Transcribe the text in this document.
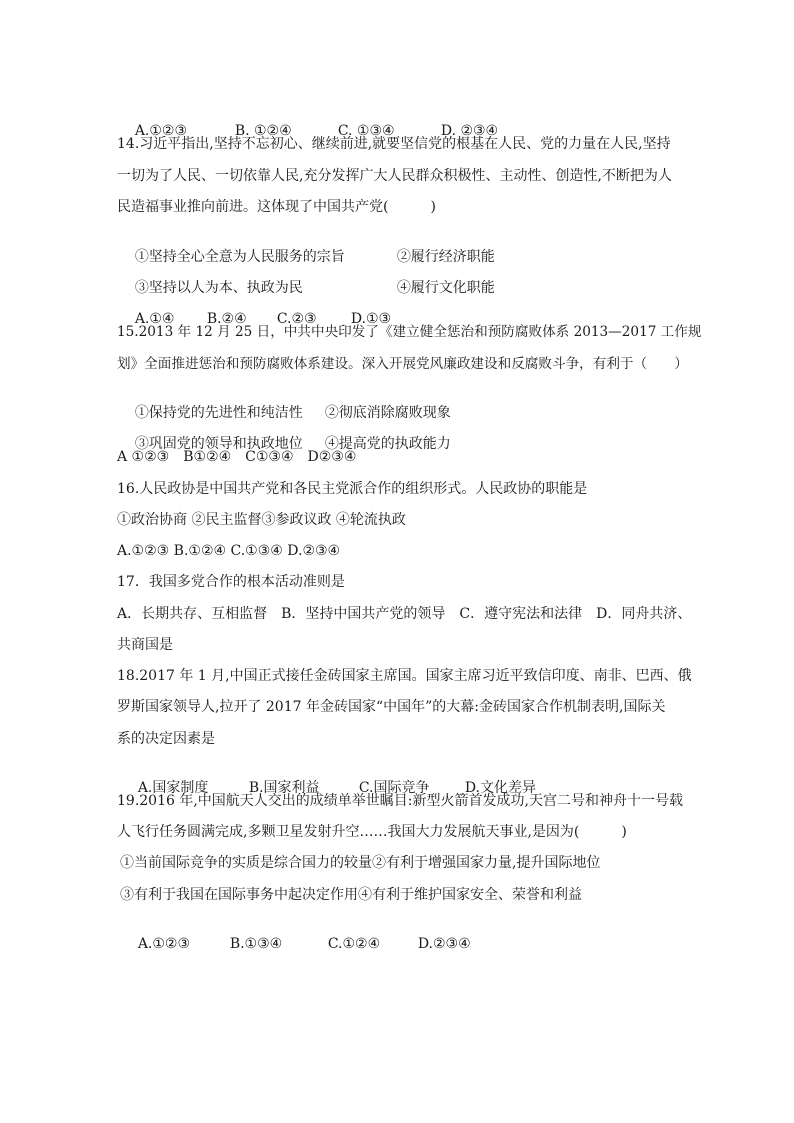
A.①②③	B. ①②④	C. ①③④	D. ②③④

14.习近平指出,坚持不忘初心、继续前进,就要坚信党的根基在人民、党的力量在人民,坚持
一切为了人民、一切依靠人民,充分发挥广大人民群众积极性、主动性、创造性,不断把为人
民造福事业推向前进。这体现了中国共产党(　　　)

①坚持全心全意为人民服务的宗旨	②履行经济职能

③坚持以人为本、执政为民	④履行文化职能

A.①④ B.②④ C.②③ D.①③

15.2013 年 12 月 25 日，中共中央印发了《建立健全惩治和预防腐败体系 2013—2017 工作规
划》全面推进惩治和预防腐败体系建设。深入开展党风廉政建设和反腐败斗争，有利于（　　）

①保持党的先进性和纯洁性 ②彻底消除腐败现象

③巩固党的领导和执政地位 ④提高党的执政能力

A ①②③　B①②④　C①③④　D②③④
16.人民政协是中国共产党和各民主党派合作的组织形式。人民政协的职能是
①政治协商 ②民主监督③参政议政 ④轮流执政
A.①②③ B.①②④ C.①③④ D.②③④
17．我国多党合作的根本活动准则是
A．长期共存、互相监督　B．坚持中国共产党的领导　C．遵守宪法和法律　D．同舟共济、
共商国是
18.2017 年 1 月,中国正式接任金砖国家主席国。国家主席习近平致信印度、南非、巴西、俄
罗斯国家领导人,拉开了 2017 年金砖国家“中国年”的大幕:金砖国家合作机制表明,国际关
系的决定因素是

A.国家制度	B.国家利益	C.国际竞争	D.文化差异

19.2016 年,中国航天人交出的成绩单举世瞩目:新型火箭首发成功,天宫二号和神舟十一号载
人飞行任务圆满完成,多颗卫星发射升空……我国大力发展航天事业,是因为(　　　)
①当前国际竞争的实质是综合国力的较量②有利于增强国家力量,提升国际地位
③有利于我国在国际事务中起决定作用④有利于维护国家安全、荣誉和利益

A.①②③	B.①③④	C.①②④	D.②③④
